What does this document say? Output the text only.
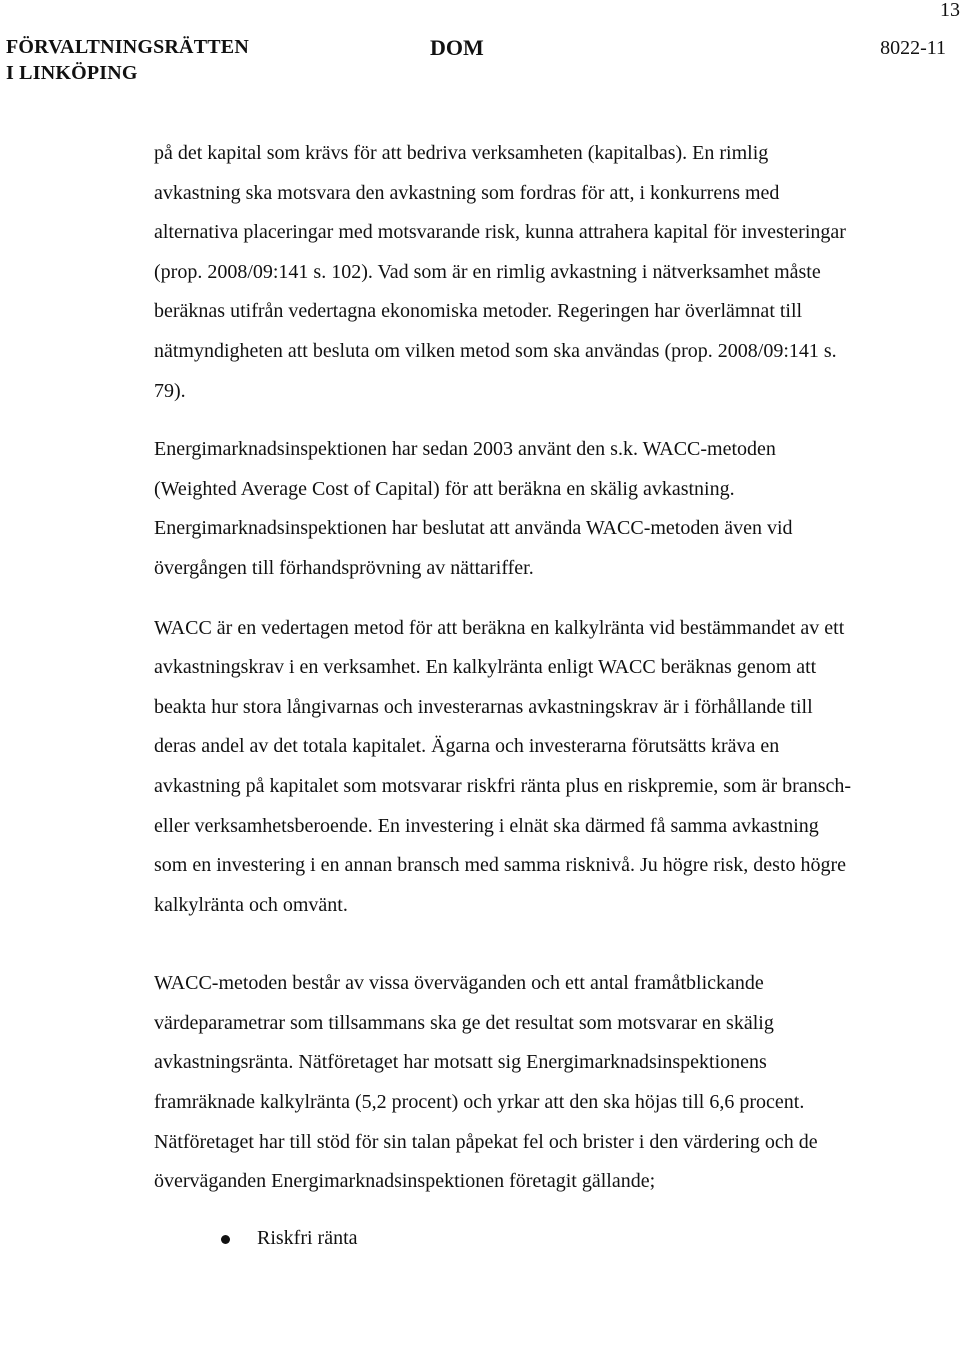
13
FÖRVALTNINGSRÄTTEN
I LINKÖPING
DOM	8022-11

på det kapital som krävs för att bedriva verksamheten (kapitalbas). En rimlig avkastning ska motsvara den avkastning som fordras för att, i konkurrens med alternativa placeringar med motsvarande risk, kunna attrahera kapital för investeringar (prop. 2008/09:141 s. 102). Vad som är en rimlig avkastning i nätverksamhet måste beräknas utifrån vedertagna ekonomiska metoder. Regeringen har överlämnat till nätmyndigheten att besluta om vilken metod som ska användas (prop. 2008/09:141 s. 79).

Energimarknadsinspektionen har sedan 2003 använt den s.k. WACC-metoden (Weighted Average Cost of Capital) för att beräkna en skälig avkastning. Energimarknadsinspektionen har beslutat att använda WACC-metoden även vid övergången till förhandsprövning av nättariffer.

WACC är en vedertagen metod för att beräkna en kalkylränta vid bestämmandet av ett avkastningskrav i en verksamhet. En kalkylränta enligt WACC beräknas genom att beakta hur stora långivarnas och investerarnas avkastningskrav är i förhållande till deras andel av det totala kapitalet. Ägarna och investerarna förutsätts kräva en avkastning på kapitalet som motsvarar riskfri ränta plus en riskpremie, som är bransch- eller verksamhetsberoende. En investering i elnät ska därmed få samma avkastning som en investering i en annan bransch med samma risknivå. Ju högre risk, desto högre kalkylränta och omvänt.

WACC-metoden består av vissa överväganden och ett antal framåtblickande värdeparametrar som tillsammans ska ge det resultat som motsvarar en skälig avkastningsränta. Nätföretaget har motsatt sig Energimarknadsinspektionens framräknade kalkylränta (5,2 procent) och yrkar att den ska höjas till 6,6 procent. Nätföretaget har till stöd för sin talan påpekat fel och brister i den värdering och de överväganden Energimarknadsinspektionen företagit gällande;

Riskfri ränta
